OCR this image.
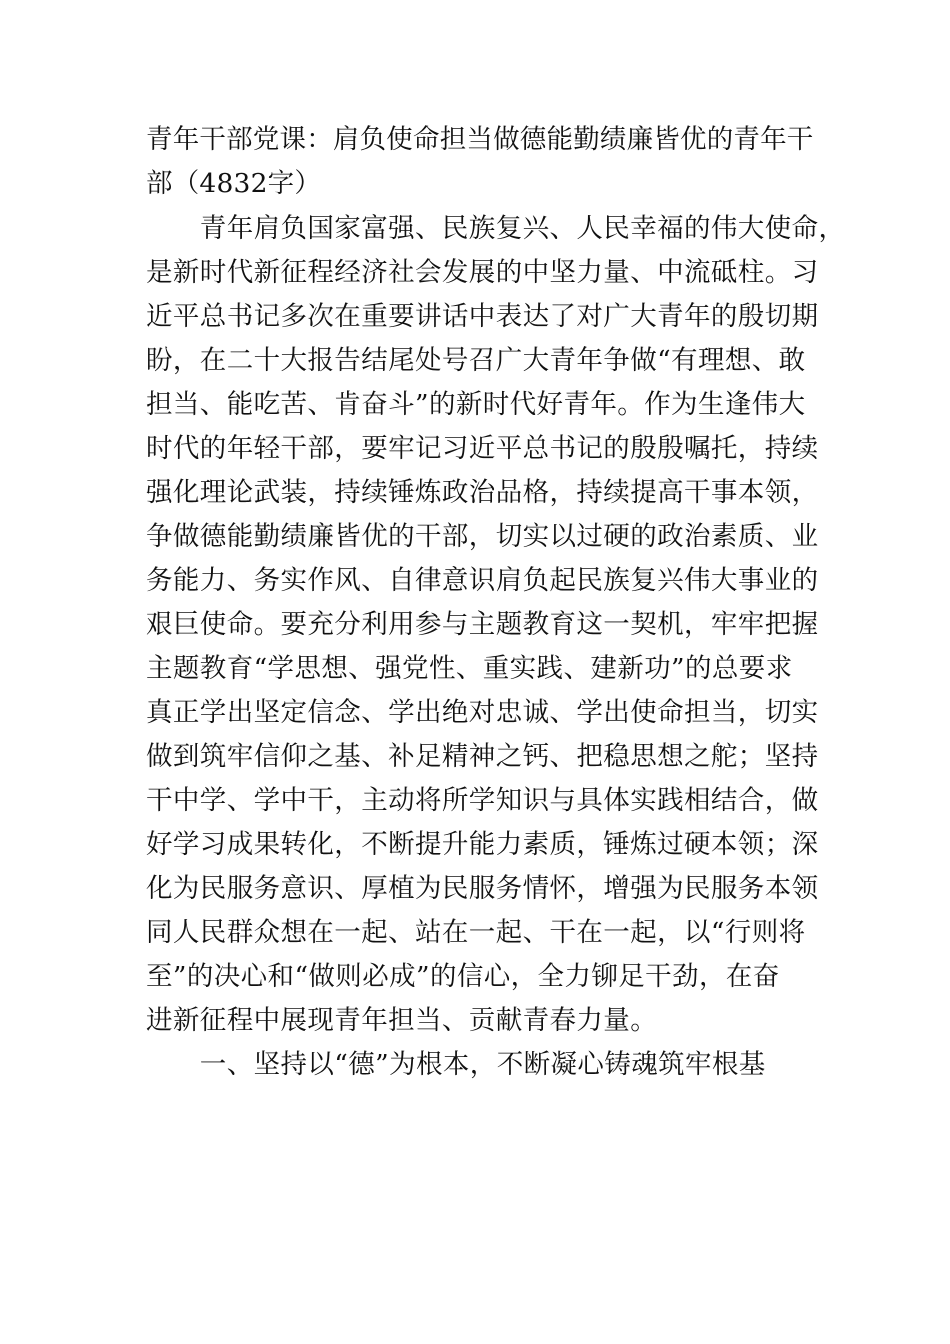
青年干部党课：肩负使命担当做德能勤绩廉皆优的青年干
部（4832字）
　　青年肩负国家富强、民族复兴、人民幸福的伟大使命，
是新时代新征程经济社会发展的中坚力量、中流砥柱。习
近平总书记多次在重要讲话中表达了对广大青年的殷切期
盼，在二十大报告结尾处号召广大青年争做“有理想、敢
担当、能吃苦、肯奋斗”的新时代好青年。作为生逢伟大
时代的年轻干部，要牢记习近平总书记的殷殷嘱托，持续
强化理论武装，持续锤炼政治品格，持续提高干事本领，
争做德能勤绩廉皆优的干部，切实以过硬的政治素质、业
务能力、务实作风、自律意识肩负起民族复兴伟大事业的
艰巨使命。要充分利用参与主题教育这一契机，牢牢把握
主题教育“学思想、强党性、重实践、建新功”的总要求
真正学出坚定信念、学出绝对忠诚、学出使命担当，切实
做到筑牢信仰之基、补足精神之钙、把稳思想之舵；坚持
干中学、学中干，主动将所学知识与具体实践相结合，做
好学习成果转化，不断提升能力素质，锤炼过硬本领；深
化为民服务意识、厚植为民服务情怀，增强为民服务本领
同人民群众想在一起、站在一起、干在一起，以“行则将
至”的决心和“做则必成”的信心，全力铆足干劲，在奋
进新征程中展现青年担当、贡献青春力量。
　　一、坚持以“德”为根本，不断凝心铸魂筑牢根基
